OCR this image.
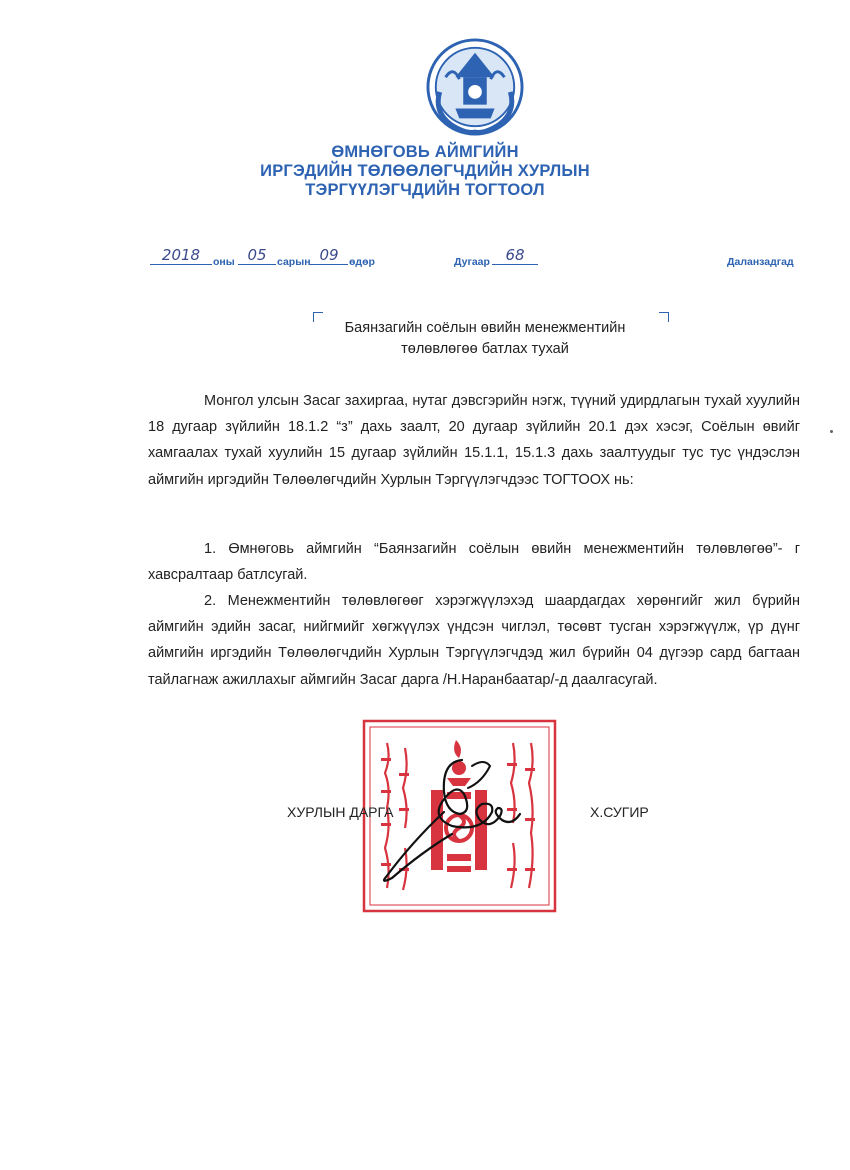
ӨМНӨГОВЬ АЙМГИЙН
ИРГЭДИЙН ТӨЛӨӨЛӨГЧДИЙН ХУРЛЫН
ТЭРГҮҮЛЭГЧДИЙН ТОГТООЛ
2018	оны 05 сарын 09 өдөр	Дугаар	68	Даланзадгад
Баянзагийн соёлын өвийн менежментийн
төлөвлөгөө батлах тухай
Монгол улсын Засаг захиргаа, нутаг дэвсгэрийн нэгж, түүний удирдлагын тухай хуулийн 18 дугаар зүйлийн 18.1.2 “з” дахь заалт, 20 дугаар зүйлийн 20.1 дэх хэсэг, Соёлын өвийг хамгаалах тухай хуулийн 15 дугаар зүйлийн 15.1.1, 15.1.3 дахь заалтуудыг тус тус үндэслэн аймгийн иргэдийн Төлөөлөгчдийн Хурлын Тэргүүлэгчдээс ТОГТООХ нь:
1. Өмнөговь аймгийн “Баянзагийн соёлын өвийн менежментийн төлөвлөгөө”- г хавсралтаар батлсугай.
2. Менежментийн төлөвлөгөөг хэрэгжүүлэхэд шаардагдах хөрөнгийг жил бүрийн аймгийн эдийн засаг, нийгмийг хөгжүүлэх үндсэн чиглэл, төсөвт тусган хэрэгжүүлж, үр дүнг аймгийн иргэдийн Төлөөлөгчдийн Хурлын Тэргүүлэгчдэд жил бүрийн 04 дүгээр сард багтаан тайлагнаж ажиллахыг аймгийн Засаг дарга /Н.Наранбаатар/-д даалгасугай.
ХУРЛЫН ДАРГА	Х.СУГИР
